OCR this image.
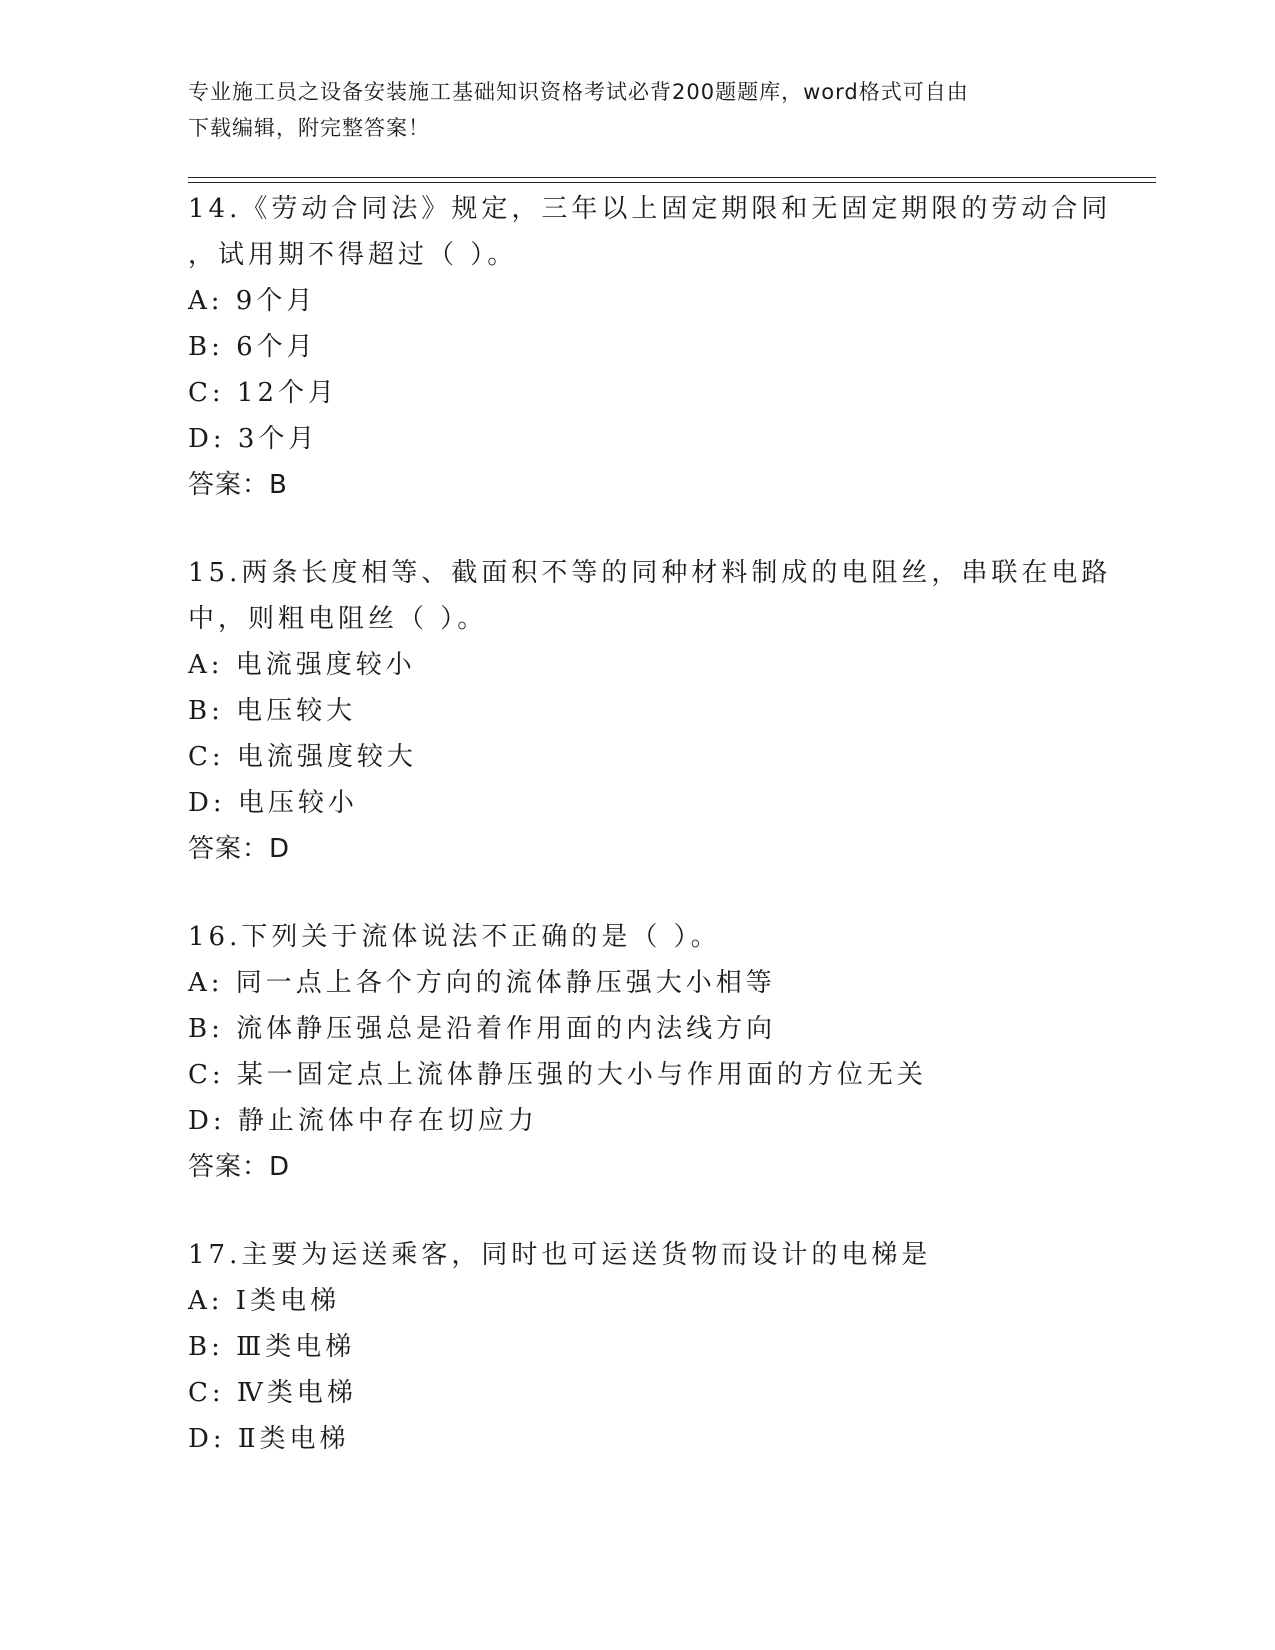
专业施工员之设备安装施工基础知识资格考试必背200题题库，word格式可自由
下载编辑，附完整答案！
14.《劳动合同法》规定，三年以上固定期限和无固定期限的劳动合同
，试用期不得超过（ ）。
A: 9个月
B: 6个月
C: 12个月
D: 3个月
答案：B
15.两条长度相等、截面积不等的同种材料制成的电阻丝，串联在电路
中，则粗电阻丝（ ）。
A: 电流强度较小
B: 电压较大
C: 电流强度较大
D: 电压较小
答案：D
16.下列关于流体说法不正确的是（ ）。
A: 同一点上各个方向的流体静压强大小相等
B: 流体静压强总是沿着作用面的内法线方向
C: 某一固定点上流体静压强的大小与作用面的方位无关
D: 静止流体中存在切应力
答案：D
17.主要为运送乘客，同时也可运送货物而设计的电梯是
A: Ⅰ类电梯
B: Ⅲ类电梯
C: Ⅳ类电梯
D: Ⅱ类电梯
